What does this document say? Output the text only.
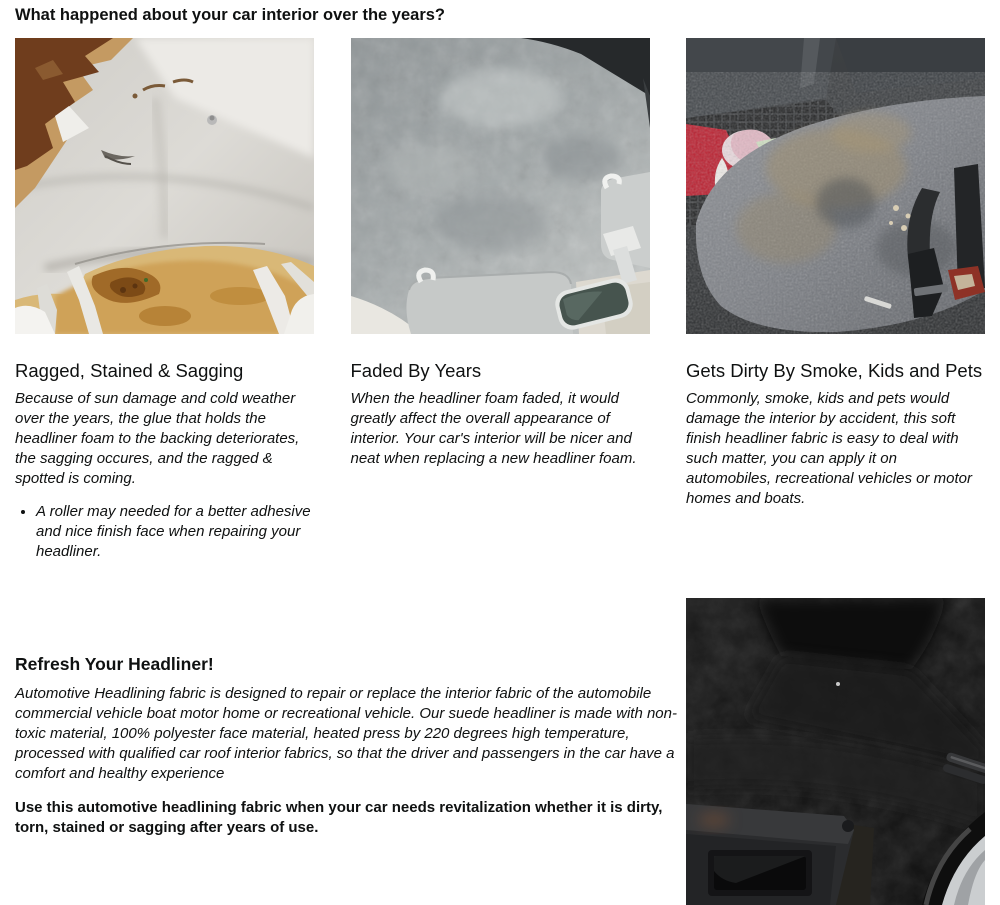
What happened about your car interior over the years?
Ragged, Stained & Sagging

Because of sun damage and cold weather over the years, the glue that holds the headliner foam to the backing deteriorates, the sagging occures, and the ragged & spotted is coming.

• A roller may needed for a better adhesive and nice finish face when repairing your headliner.
Faded By Years

When the headliner foam faded, it would greatly affect the overall appearance of interior. Your car's interior will be nicer and neat when replacing a new headliner foam.

Gets Dirty By Smoke, Kids and Pets

Commonly, smoke, kids and pets would damage the interior by accident, this soft finish headliner fabric is easy to deal with such matter, you can apply it on automobiles, recreational vehicles or motor homes and boats.

Refresh Your Headliner!

Automotive Headlining fabric is designed to repair or replace the interior fabric of the automobile commercial vehicle boat motor home or recreational vehicle. Our suede headliner is made with non-toxic material, 100% polyester face material, heated press by 220 degrees high temperature, processed with qualified car roof interior fabrics, so that the driver and passengers in the car have a comfort and healthy experience

Use this automotive headlining fabric when your car needs revitalization whether it is dirty, torn, stained or sagging after years of use.
